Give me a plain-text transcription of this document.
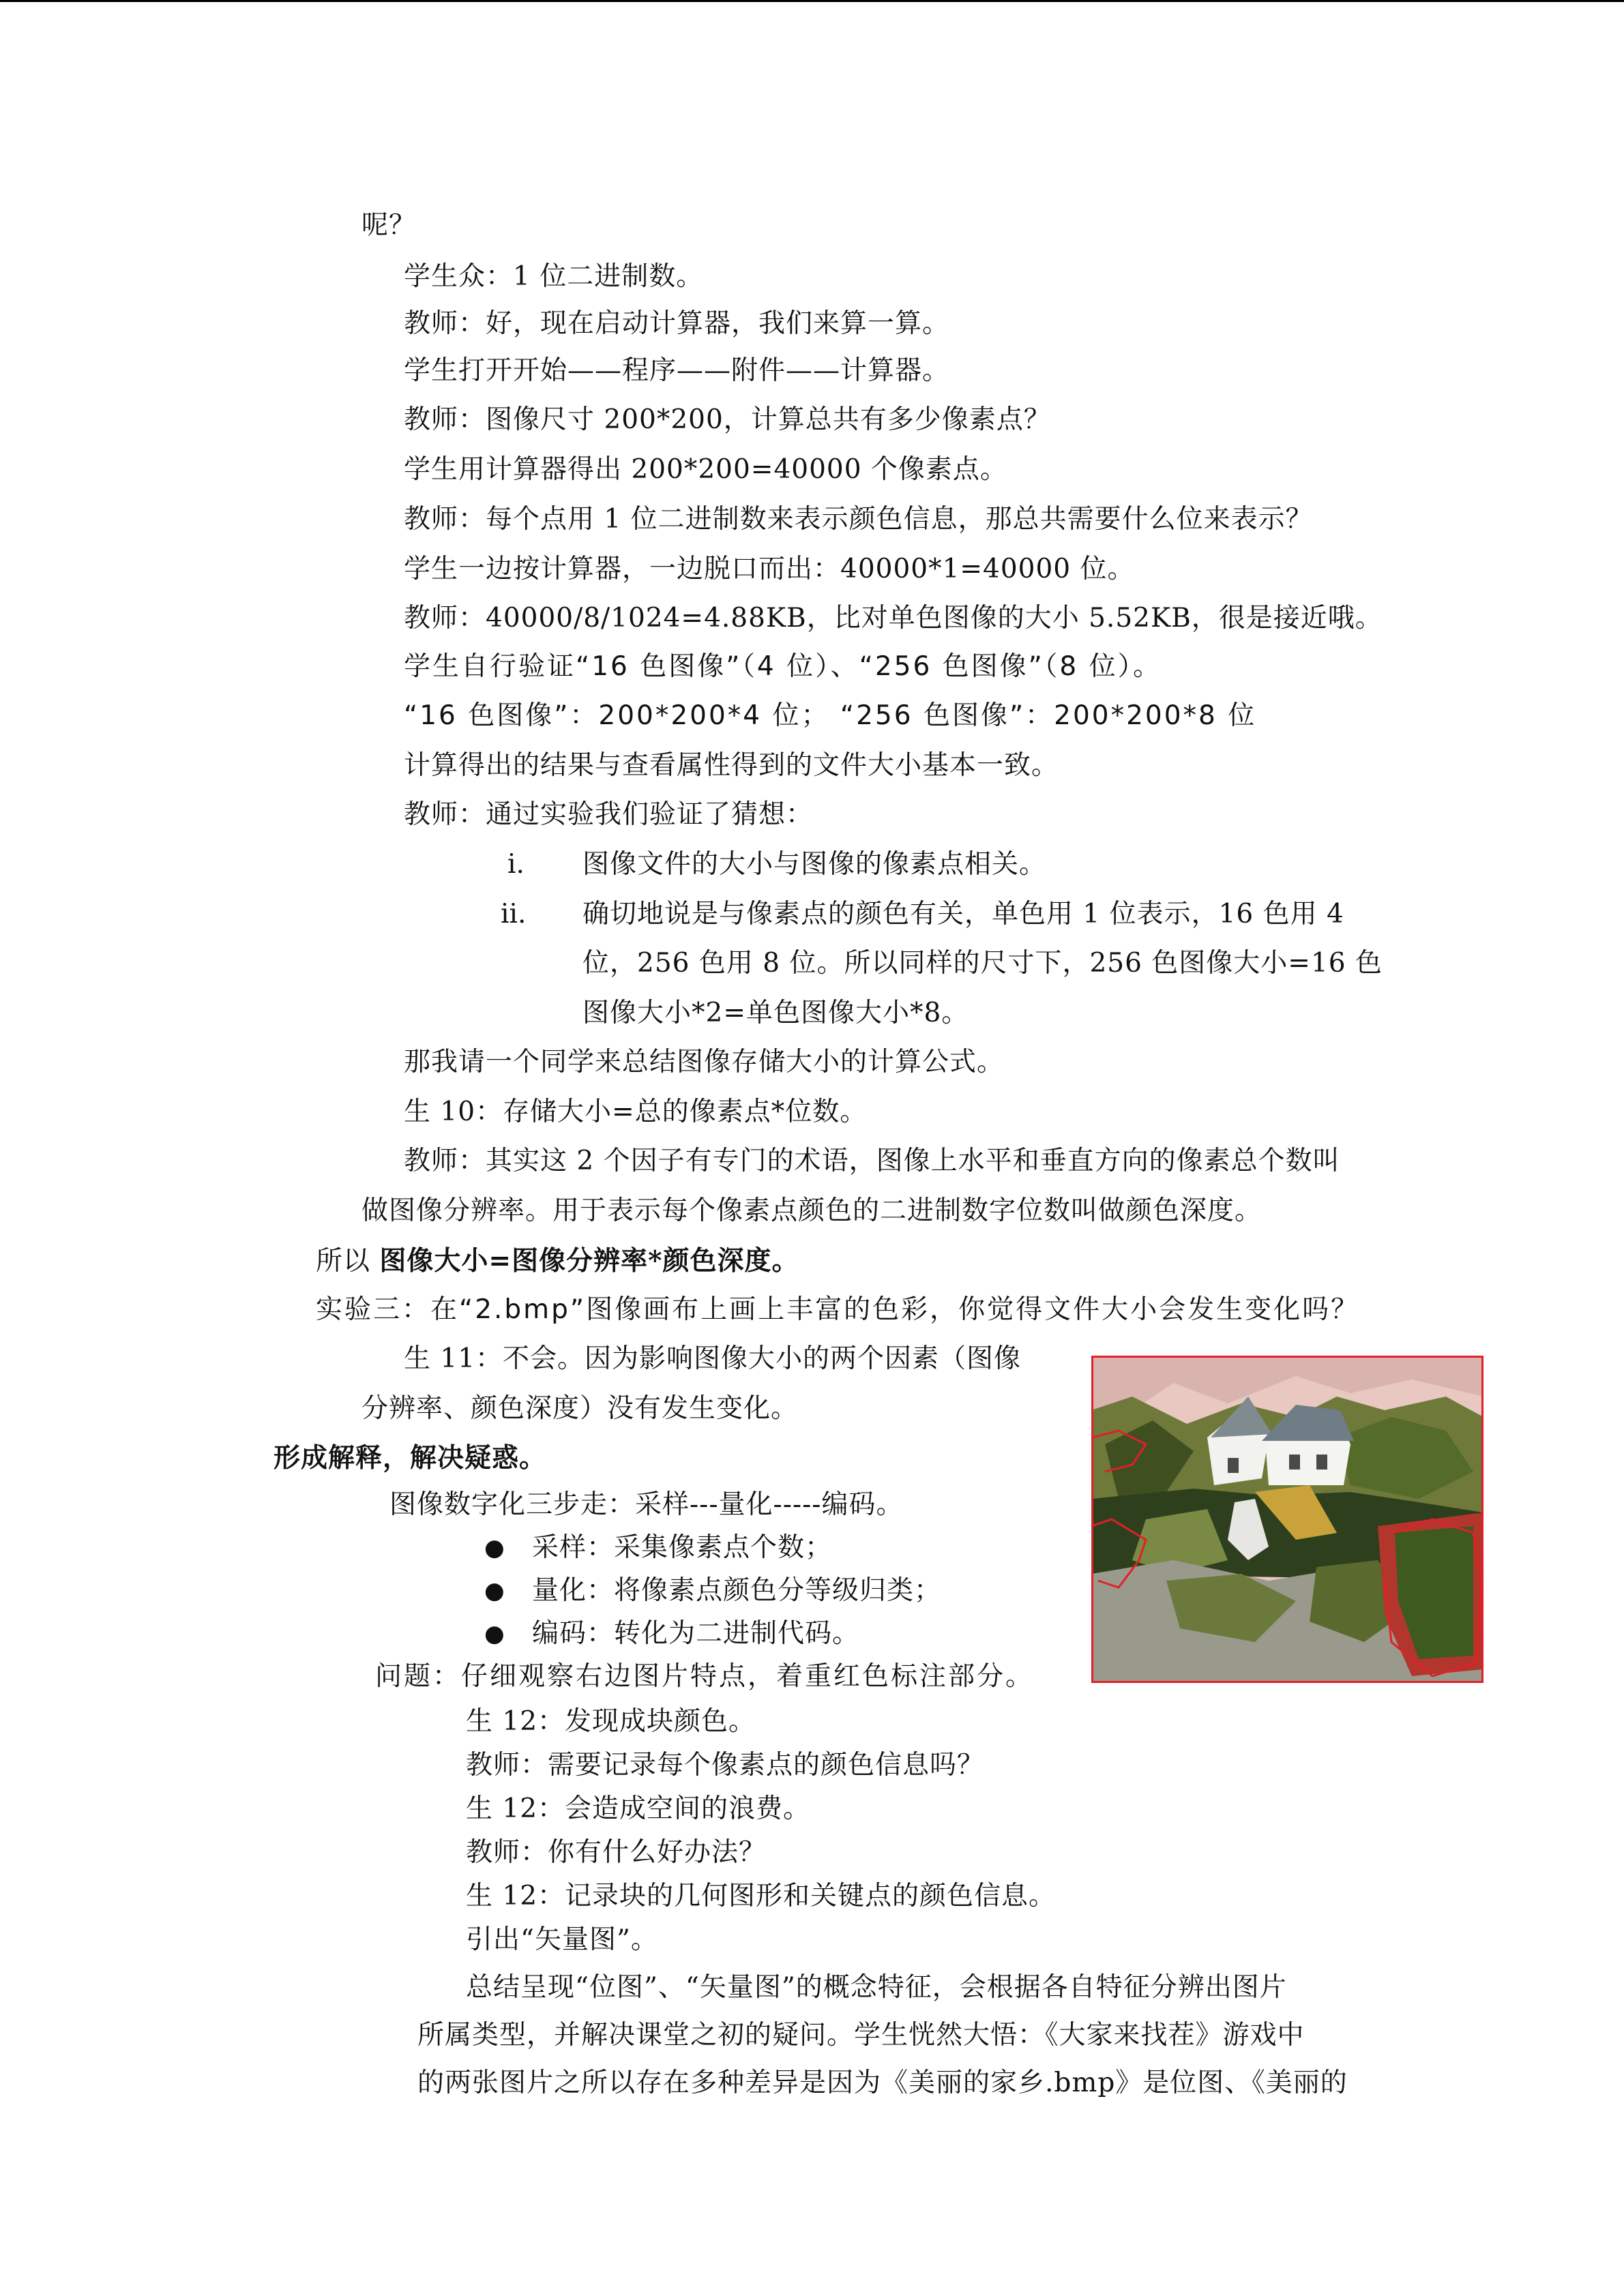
呢？
学生众：1 位二进制数。
教师：好，现在启动计算器，我们来算一算。
学生打开开始——程序——附件——计算器。
教师：图像尺寸 200*200，计算总共有多少像素点？
学生用计算器得出 200*200=40000 个像素点。
教师：每个点用 1 位二进制数来表示颜色信息，那总共需要什么位来表示？
学生一边按计算器，一边脱口而出：40000*1=40000 位。
教师：40000/8/1024=4.88KB，比对单色图像的大小 5.52KB，很是接近哦。
学生自行验证“16 色图像”（4 位）、“256 色图像”（8 位）。
“16 色图像”：200*200*4 位； “256 色图像”：200*200*8 位
计算得出的结果与查看属性得到的文件大小基本一致。
教师：通过实验我们验证了猜想：
i. 图像文件的大小与图像的像素点相关。
ii. 确切地说是与像素点的颜色有关，单色用 1 位表示，16 色用 4
位，256 色用 8 位。所以同样的尺寸下，256 色图像大小=16 色
图像大小*2=单色图像大小*8。
那我请一个同学来总结图像存储大小的计算公式。
生 10：存储大小=总的像素点*位数。
教师：其实这 2 个因子有专门的术语，图像上水平和垂直方向的像素总个数叫
做图像分辨率。用于表示每个像素点颜色的二进制数字位数叫做颜色深度。
所以 图像大小=图像分辨率*颜色深度。
实验三：在“2.bmp”图像画布上画上丰富的色彩，你觉得文件大小会发生变化吗？
生 11：不会。因为影响图像大小的两个因素（图像
分辨率、颜色深度）没有发生变化。
形成解释，解决疑惑。
图像数字化三步走：采样---量化-----编码。
● 采样：采集像素点个数；
● 量化：将像素点颜色分等级归类；
● 编码：转化为二进制代码。
问题：仔细观察右边图片特点，着重红色标注部分。
生 12：发现成块颜色。
教师：需要记录每个像素点的颜色信息吗？
生 12：会造成空间的浪费。
教师：你有什么好办法？
生 12：记录块的几何图形和关键点的颜色信息。
引出“矢量图”。
总结呈现“位图”、“矢量图”的概念特征，会根据各自特征分辨出图片
所属类型，并解决课堂之初的疑问。学生恍然大悟：《大家来找茬》游戏中
的两张图片之所以存在多种差异是因为《美丽的家乡.bmp》是位图、《美丽的
